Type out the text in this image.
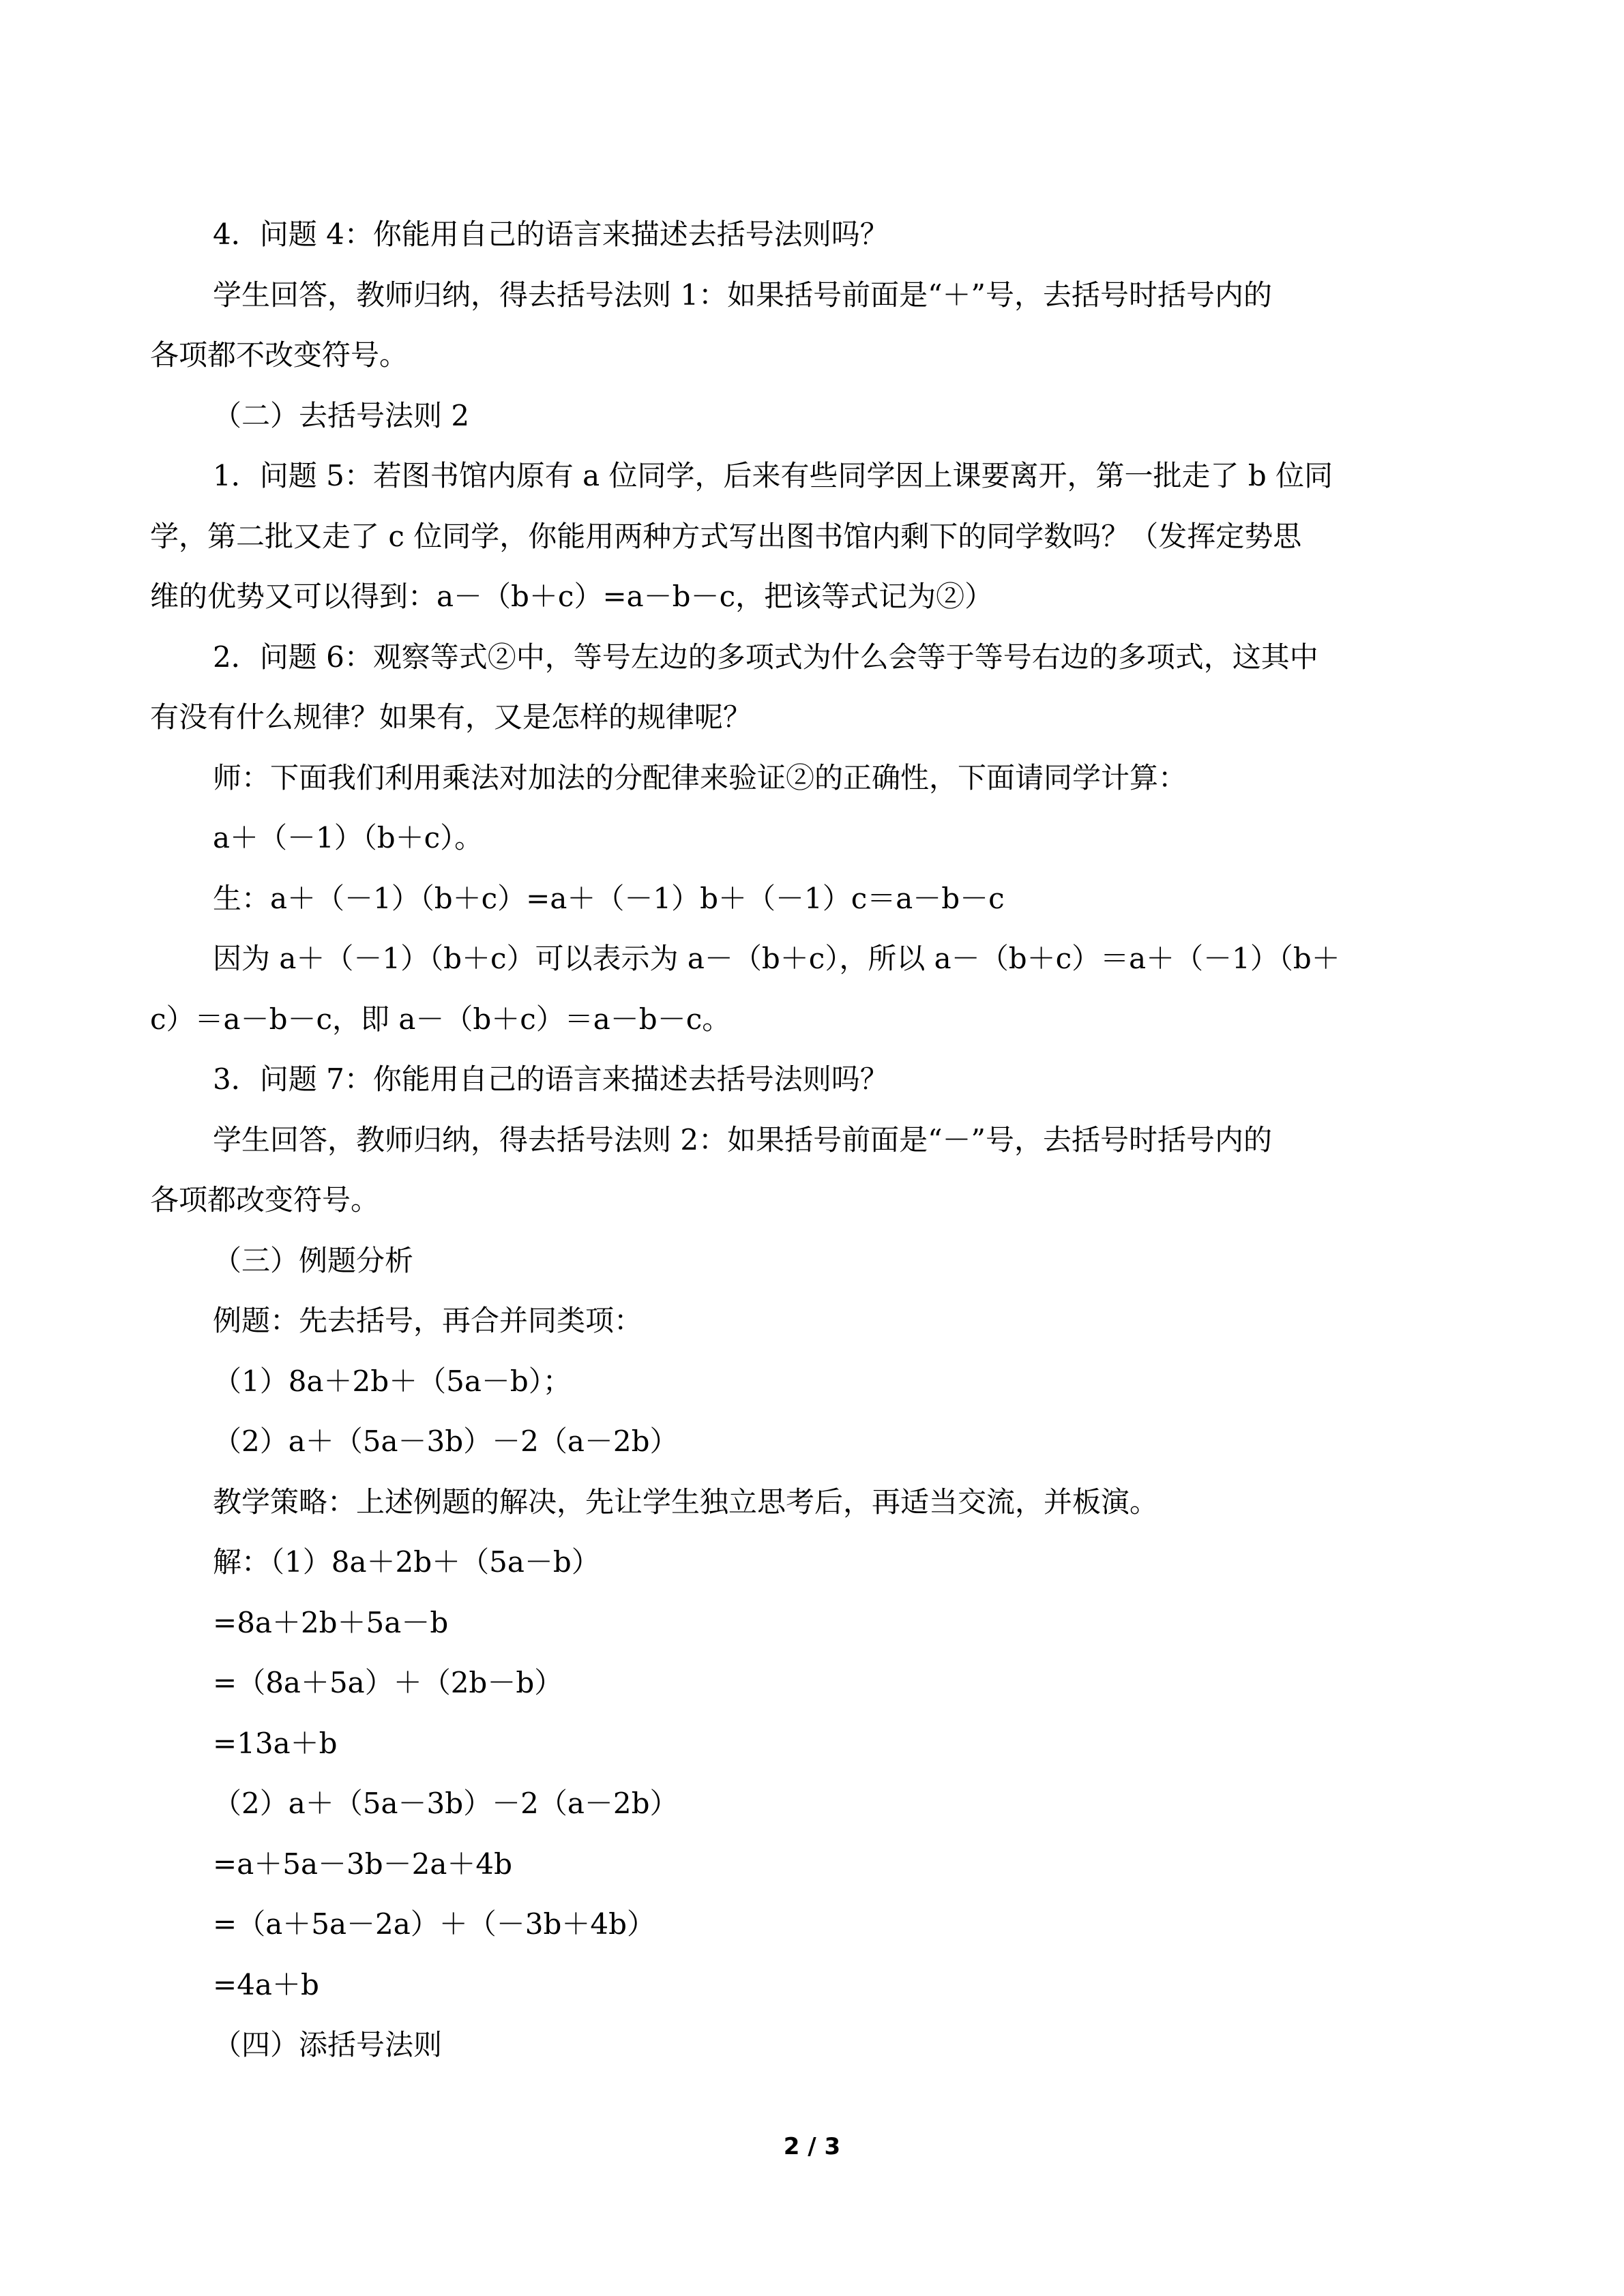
4．问题 4：你能用自己的语言来描述去括号法则吗？
学生回答，教师归纳，得去括号法则 1：如果括号前面是“＋”号，去括号时括号内的
各项都不改变符号。
（二）去括号法则 2
1．问题 5：若图书馆内原有 a 位同学，后来有些同学因上课要离开，第一批走了 b 位同
学，第二批又走了 c 位同学，你能用两种方式写出图书馆内剩下的同学数吗？（发挥定势思
维的优势又可以得到：a－（b＋c）=a－b－c，把该等式记为②）
2．问题 6：观察等式②中，等号左边的多项式为什么会等于等号右边的多项式，这其中
有没有什么规律？如果有，又是怎样的规律呢？
师：下面我们利用乘法对加法的分配律来验证②的正确性，下面请同学计算：
a＋（－1）（b＋c）。
生：a＋（－1）（b＋c）=a＋（－1）b＋（－1）c＝a－b－c
因为 a＋（－1）（b＋c）可以表示为 a－（b＋c），所以 a－（b＋c）＝a＋（－1）（b＋
c）＝a－b－c，即 a－（b＋c）＝a－b－c。
3．问题 7：你能用自己的语言来描述去括号法则吗？
学生回答，教师归纳，得去括号法则 2：如果括号前面是“－”号，去括号时括号内的
各项都改变符号。
（三）例题分析
例题：先去括号，再合并同类项：
（1）8a＋2b＋（5a－b）；
（2）a＋（5a－3b）－2（a－2b）
教学策略：上述例题的解决，先让学生独立思考后，再适当交流，并板演。
解：（1）8a＋2b＋（5a－b）
=8a＋2b＋5a－b
=（8a＋5a）＋（2b－b）
=13a＋b
（2）a＋（5a－3b）－2（a－2b）
=a＋5a－3b－2a＋4b
=（a＋5a－2a）＋（－3b＋4b）
=4a＋b
（四）添括号法则
2 / 3
